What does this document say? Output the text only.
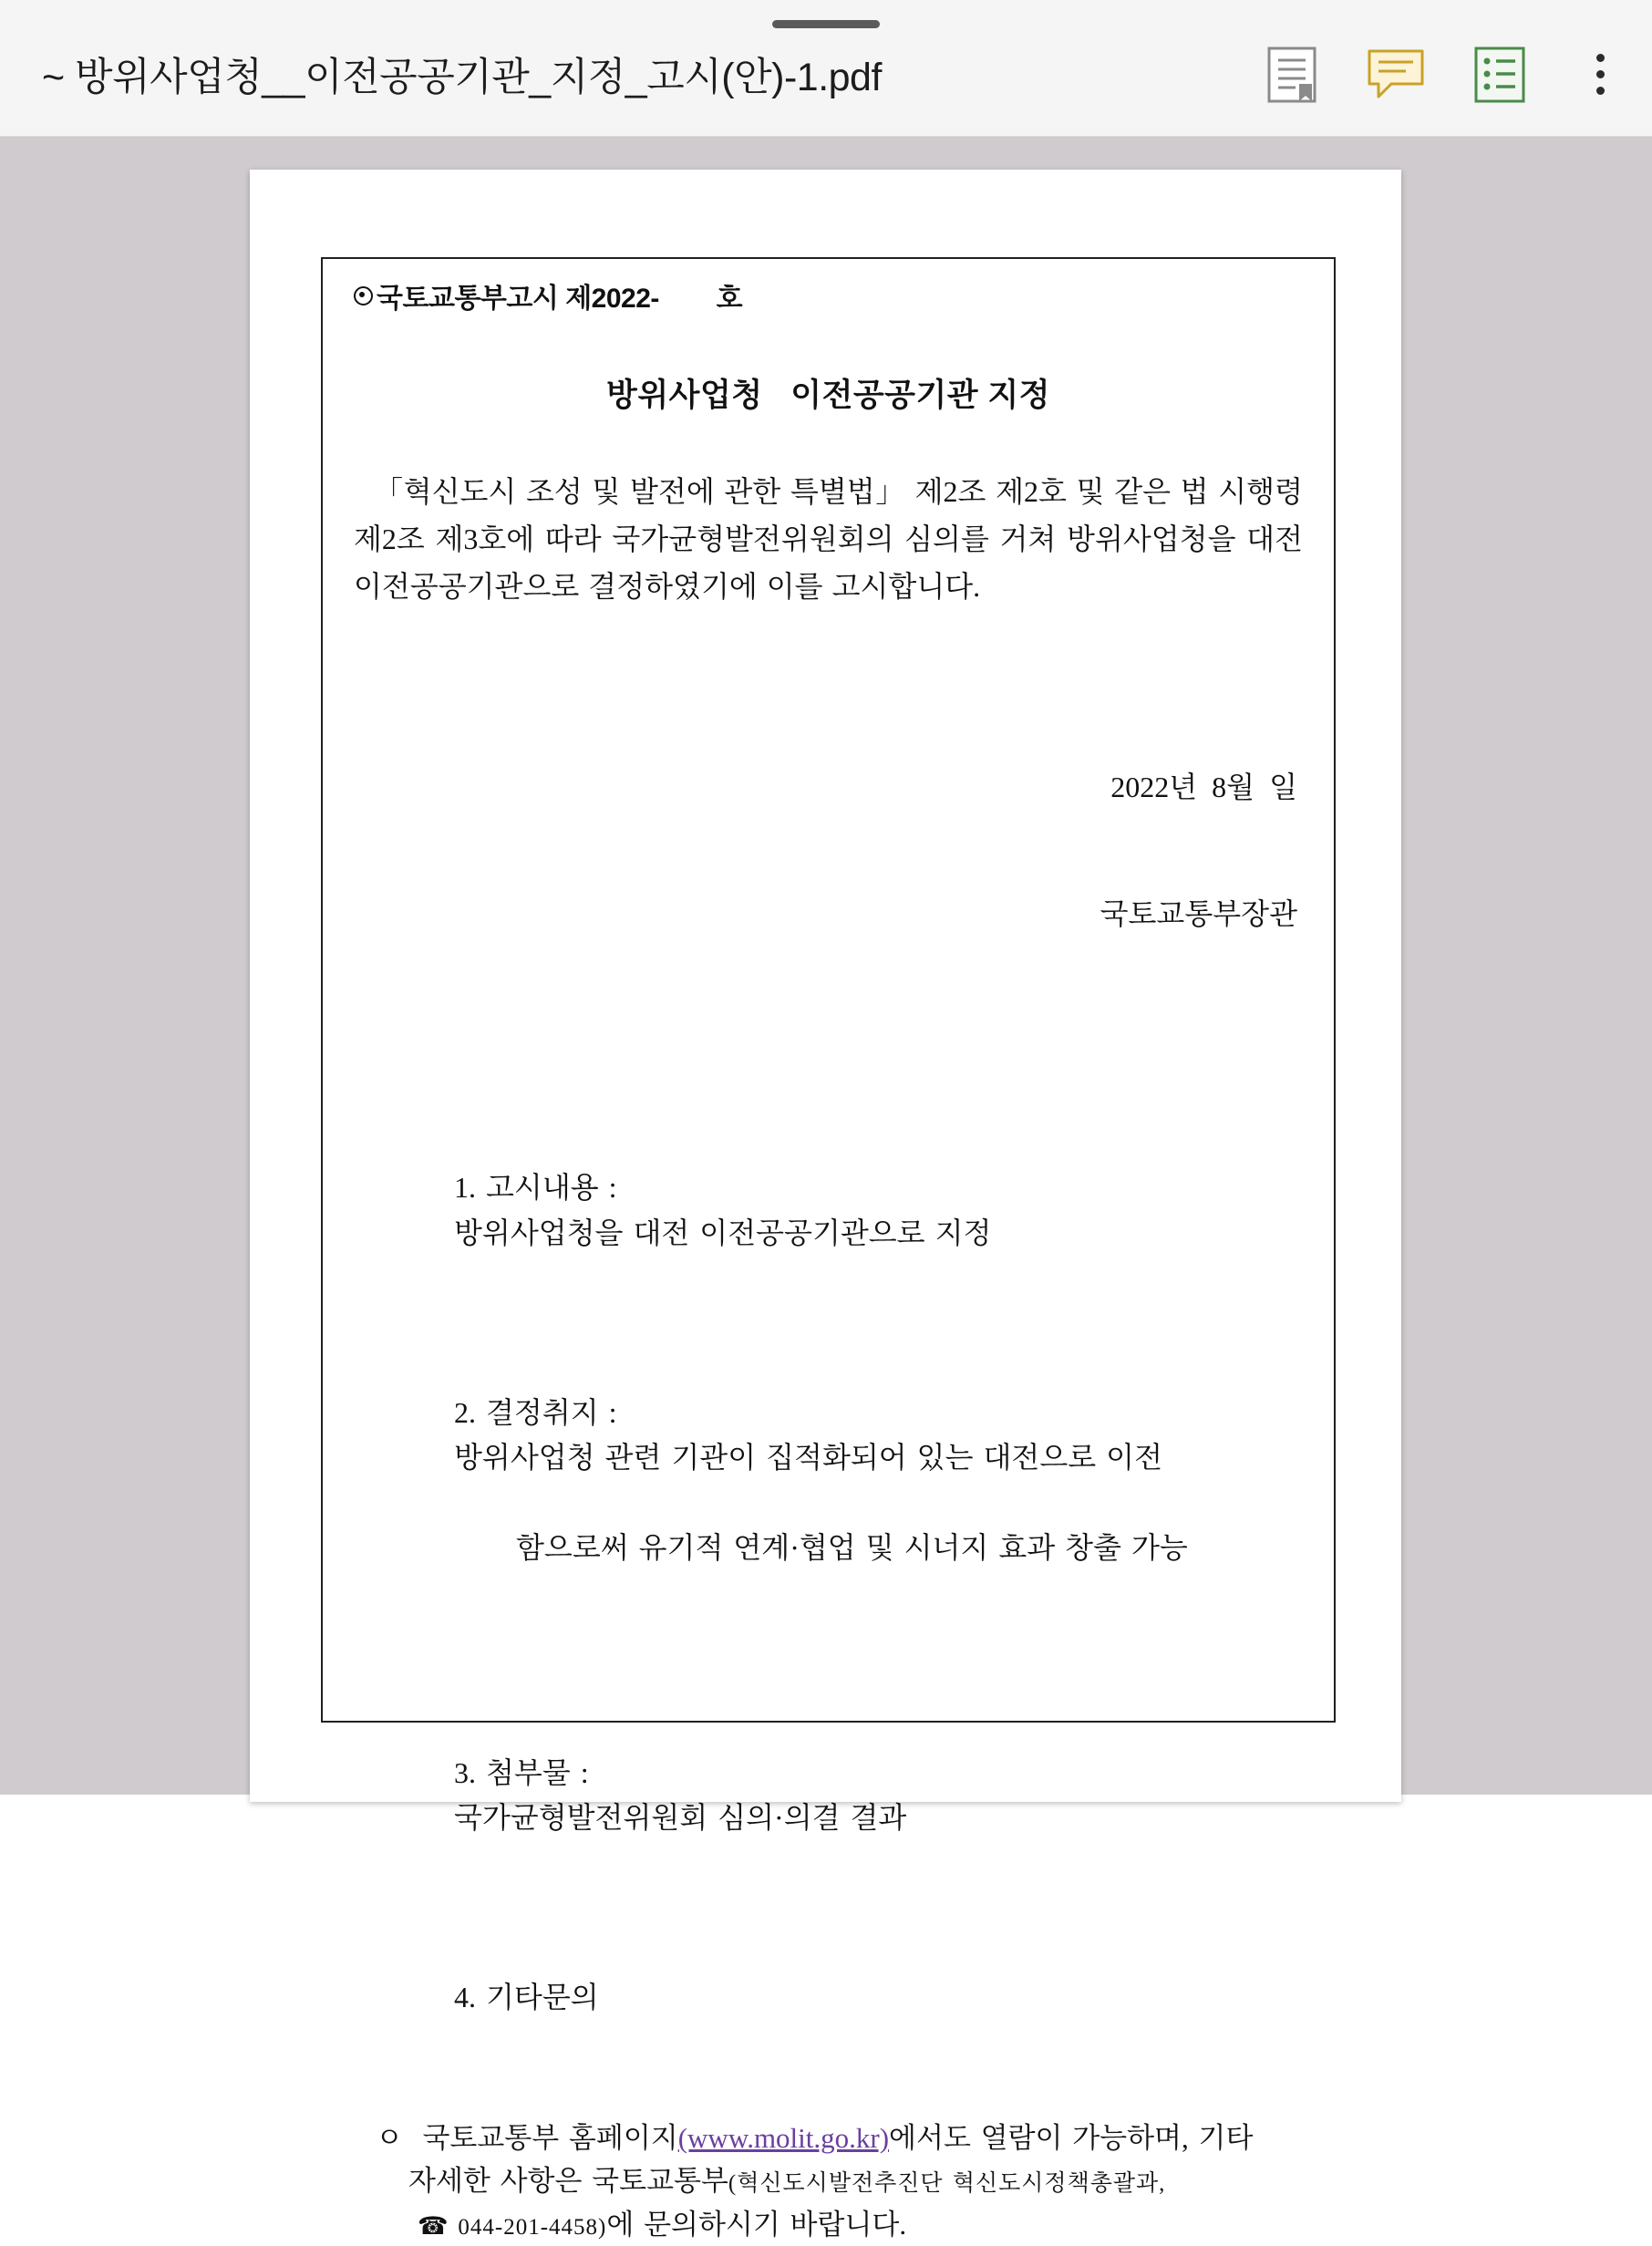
~ 방위사업청__이전공공기관_지정_고시(안)-1.pdf
국토교통부고시 제2022-        호
방위사업청   이전공공기관 지정
「혁신도시 조성 및 발전에 관한 특별법」 제2조 제2호 및 같은 법 시행령 제2조 제3호에 따라 국가균형발전위원회의 심의를 거쳐 방위사업청을 대전 이전공공기관으로 결정하였기에 이를 고시합니다.

2022년  8월  일

국토교통부장관

1. 고시내용 :
방위사업청을 대전 이전공공기관으로 지정

2. 결정취지 :
방위사업청 관련 기관이 집적화되어 있는 대전으로 이전

함으로써 유기적 연계·협업 및 시너지 효과 창출 가능

3. 첨부물 :
국가균형발전위원회 심의·의결 결과

4. 기타문의

ㅇ 국토교통부 홈페이지(www.molit.go.kr)에서도 열람이 가능하며, 기타
자세한 사항은 국토교통부(혁신도시발전추진단 혁신도시정책총괄과,
☎ 044-201-4458)에 문의하시기 바랍니다.
